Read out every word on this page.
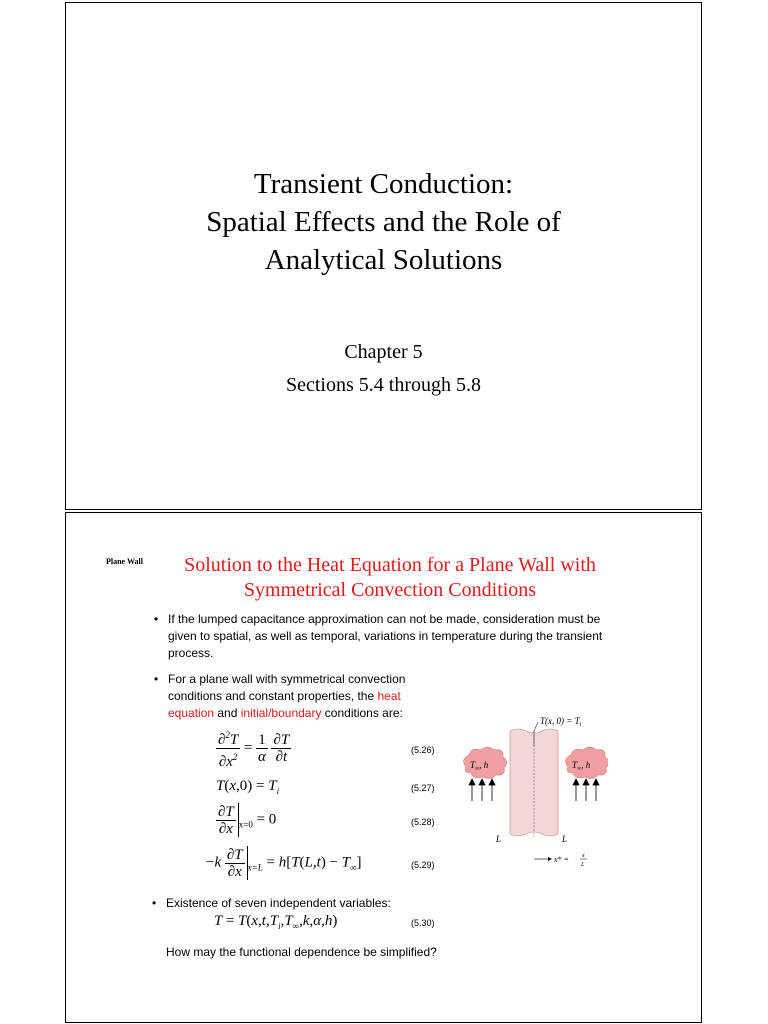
Transient Conduction:
Spatial Effects and the Role of
Analytical Solutions
Chapter 5
Sections 5.4 through 5.8
Plane Wall	Solution to the Heat Equation for a Plane Wall with
Symmetrical Convection Conditions
• If the lumped capacitance approximation can not be made, consideration must be given to spatial, as well as temporal, variations in temperature during the transient process.
• For a plane wall with symmetrical convection conditions and constant properties, the heat equation and initial/boundary conditions are:
$\frac{\partial^2T}{\partial x^2} = \frac{1}{\alpha}$
$\frac{\partial T}{\partial t}$	(5.26)
$T(x,0) = T_i$	(5.27)
$\frac{\partial T}{\partial x} _{x=0} = 0$	(5.28)
$-k \frac{\partial T}{\partial x} _{x=L} = h[T(L,t) - T_\infty]$	(5.29)
• Existence of seven independent variables:
$T = T(x,t,T_i,T_\infty,k,\alpha,h)$	(5.30)
How may the functional dependence be simplified?
T(x, $0) = T_i$
$T_\infty$, h	$T_\infty$, h
L	L
x* = x
L
